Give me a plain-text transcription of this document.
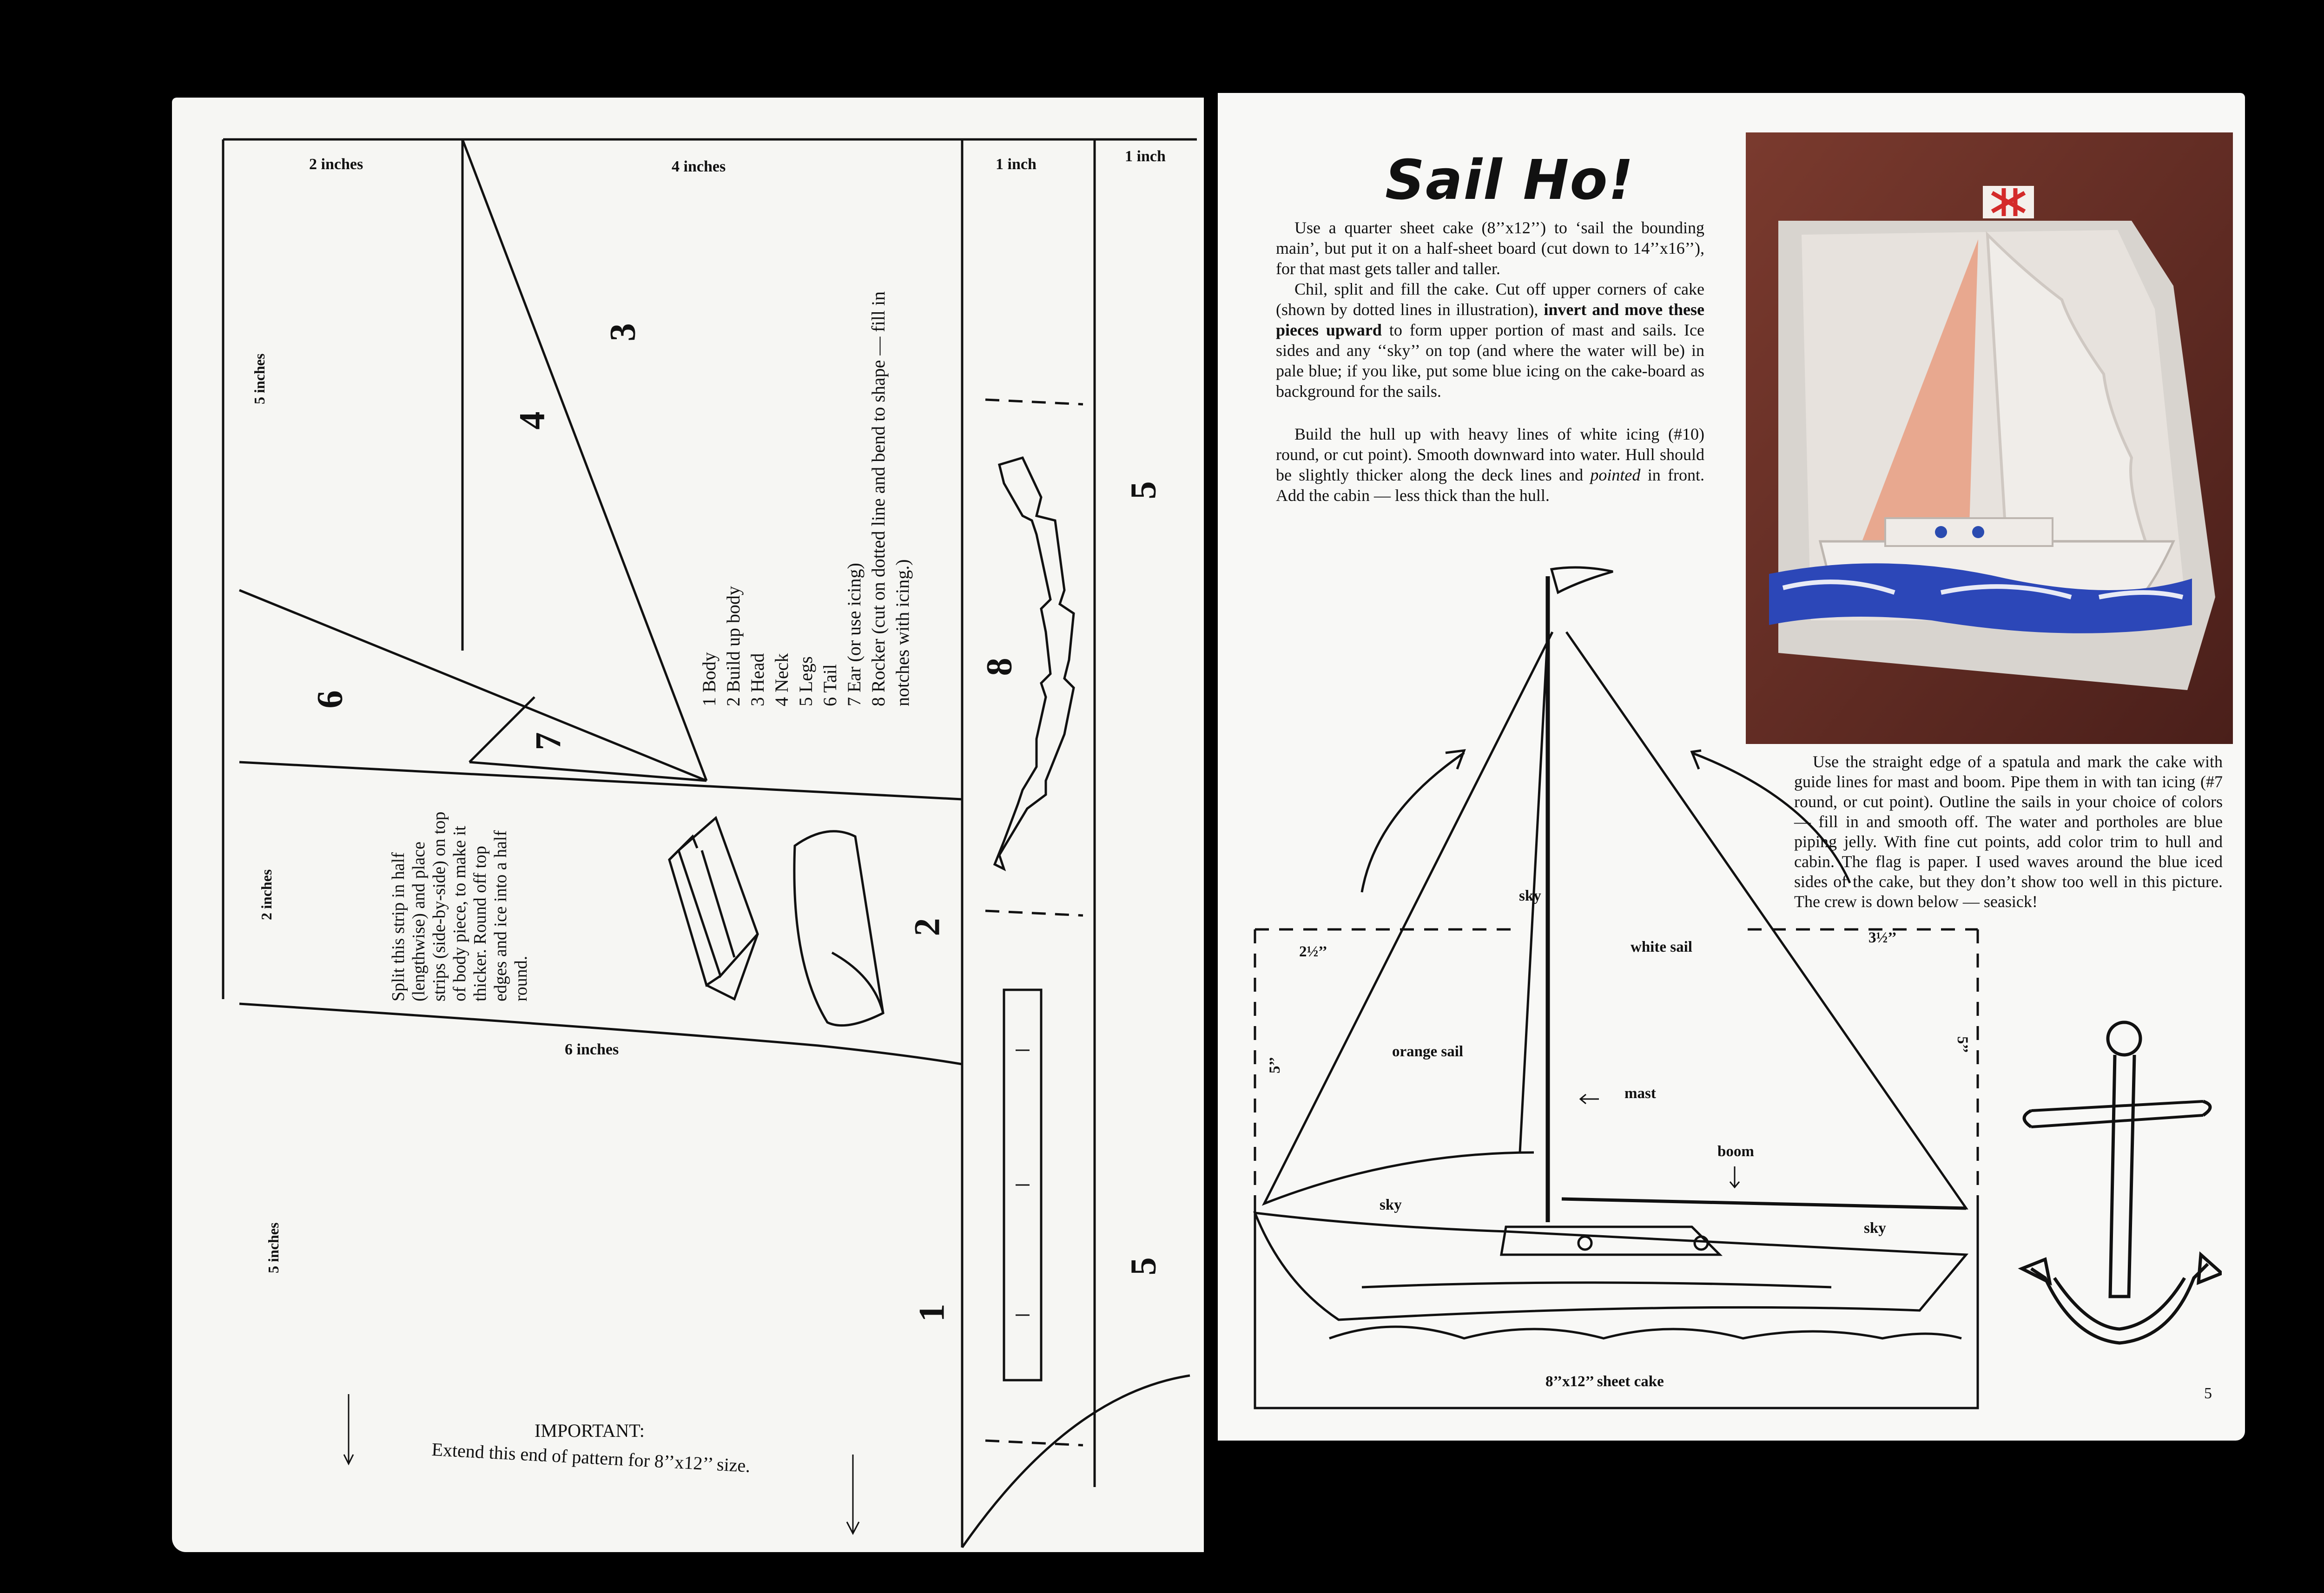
2 inches	4 inches	1 inch	1 inch
5 inches
2 inches
5 inches
6 inches
3
4
5
6
7
8
2
1
5
1 Body 2 Build up body 3 Head 4 Neck 5 Legs 6 Tail 7 Ear (or use icing) 8 Rocker (cut on dotted line and bend to shape — fill in notches with icing.)
Split this strip in half (lengthwise) and place strips (side-by-side) on top of body piece, to make it thicker. Round off top edges and ice into a half round.
IMPORTANT:
Extend this end of pattern for 8’’x12’’ size.
Sail Ho!

Use a quarter sheet cake (8’’x12’’) to ‘sail the bounding main’, but put it on a half-sheet board (cut down to 14’’x16’’), for that mast gets taller and taller.

Chil, split and fill the cake. Cut off upper corners of cake (shown by dotted lines in illustration), invert and move these pieces upward to form upper portion of mast and sails. Ice sides and any ‘‘sky’’ on top (and where the water will be) in pale blue; if you like, put some blue icing on the cake-board as background for the sails.

Build the hull up with heavy lines of white icing (#10) round, or cut point). Smooth downward into water. Hull should be slightly thicker along the deck lines and pointed in front. Add the cabin — less thick than the hull.

Use the straight edge of a spatula and mark the cake with guide lines for mast and boom. Pipe them in with tan icing (#7 round, or cut point). Outline the sails in your choice of colors — fill in and smooth off. The water and portholes are blue piping jelly. With fine cut points, add color trim to hull and cabin. The flag is paper. I used waves around the blue iced sides of the cake, but they don’t show too well in this picture. The crew is down below — seasick!

sky
white sail
orange sail
mast
boom
sky
sky
2½’’
3½’’
5’’
5’’
8’’x12’’ sheet cake
5
